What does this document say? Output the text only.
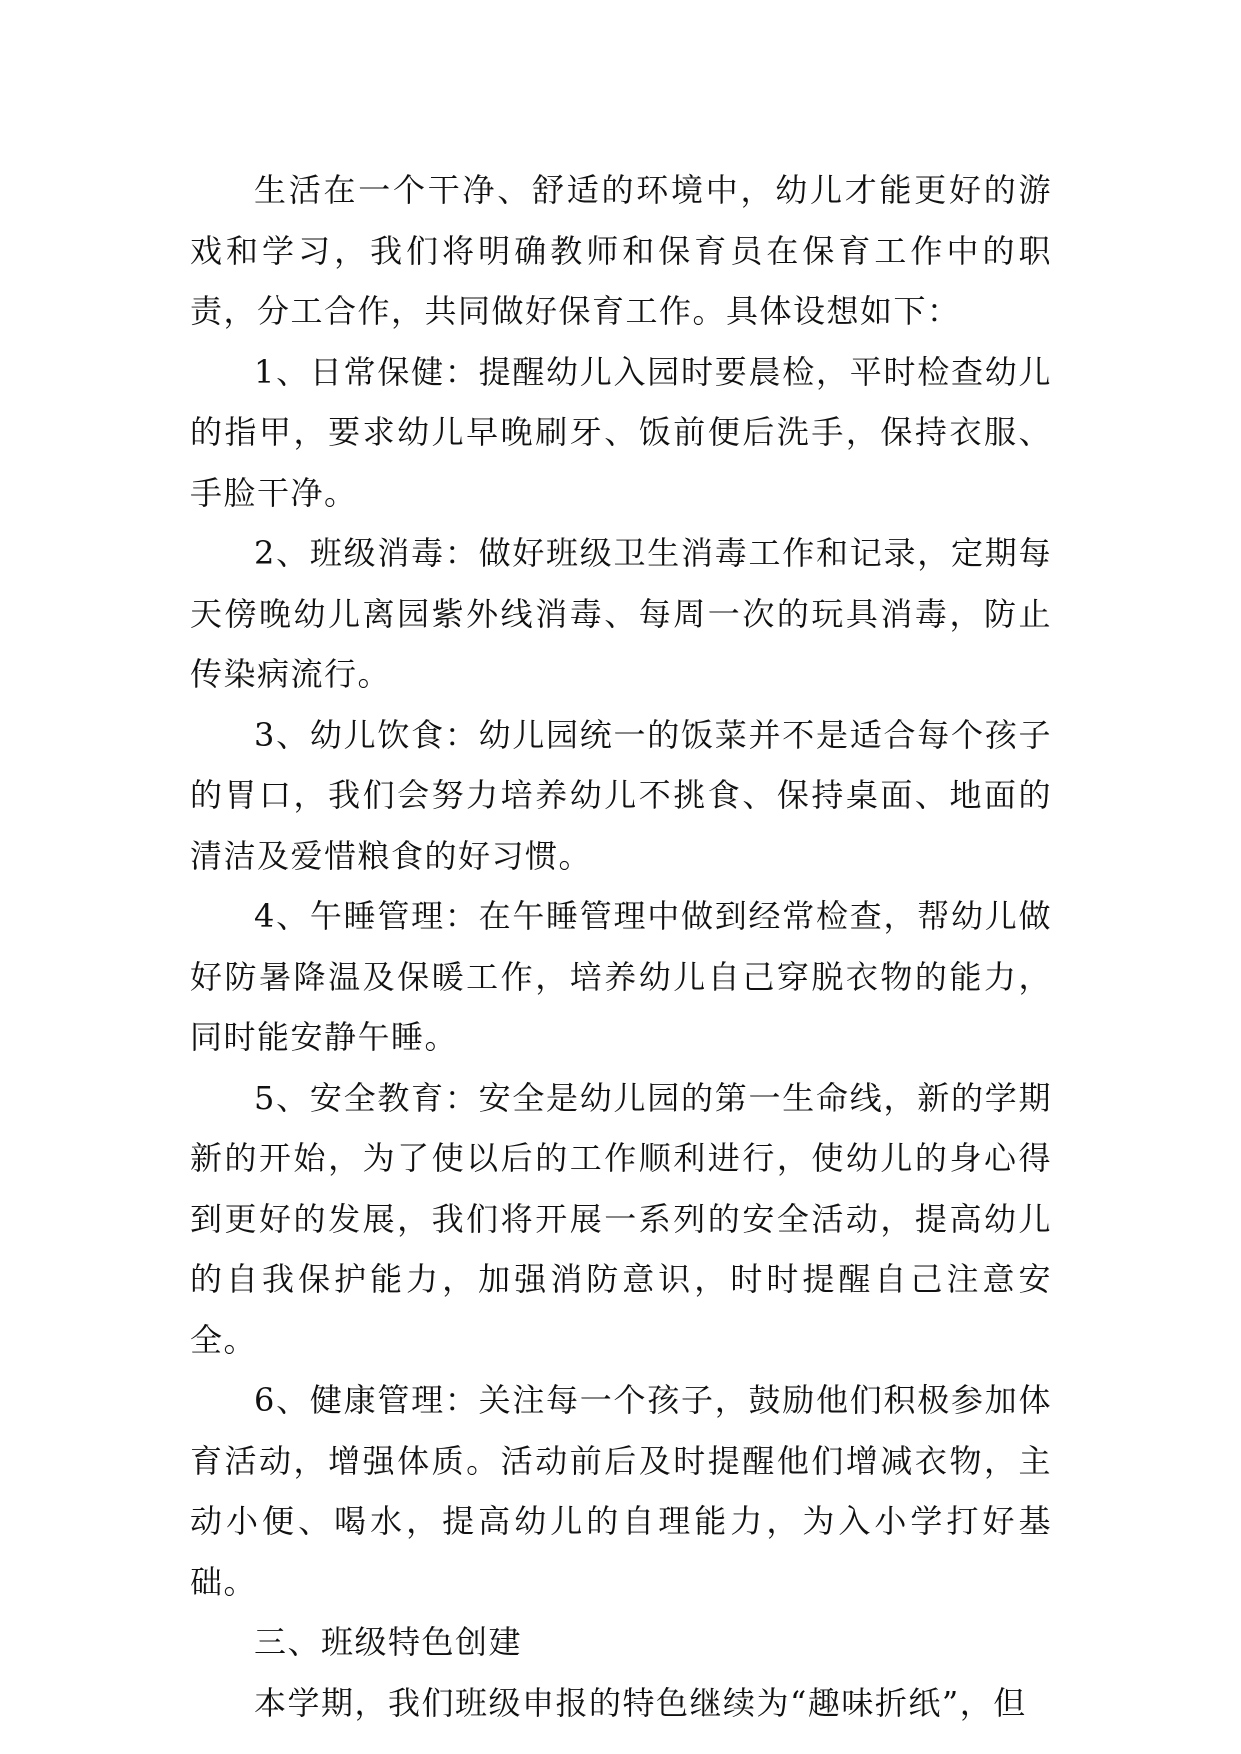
生活在一个干净、舒适的环境中，幼儿才能更好的游戏和学习，我们将明确教师和保育员在保育工作中的职责，分工合作，共同做好保育工作。具体设想如下：

1、日常保健：提醒幼儿入园时要晨检，平时检查幼儿的指甲，要求幼儿早晚刷牙、饭前便后洗手，保持衣服、手脸干净。

2、班级消毒：做好班级卫生消毒工作和记录，定期每天傍晚幼儿离园紫外线消毒、每周一次的玩具消毒，防止传染病流行。

3、幼儿饮食：幼儿园统一的饭菜并不是适合每个孩子的胃口，我们会努力培养幼儿不挑食、保持桌面、地面的清洁及爱惜粮食的好习惯。

4、午睡管理：在午睡管理中做到经常检查，帮幼儿做好防暑降温及保暖工作，培养幼儿自己穿脱衣物的能力，同时能安静午睡。

5、安全教育：安全是幼儿园的第一生命线，新的学期新的开始，为了使以后的工作顺利进行，使幼儿的身心得到更好的发展，我们将开展一系列的安全活动，提高幼儿的自我保护能力，加强消防意识，时时提醒自己注意安全。

6、健康管理：关注每一个孩子，鼓励他们积极参加体育活动，增强体质。活动前后及时提醒他们增减衣物，主动小便、喝水，提高幼儿的自理能力，为入小学打好基础。

三、班级特色创建

本学期，我们班级申报的特色继续为“趣味折纸”，但
